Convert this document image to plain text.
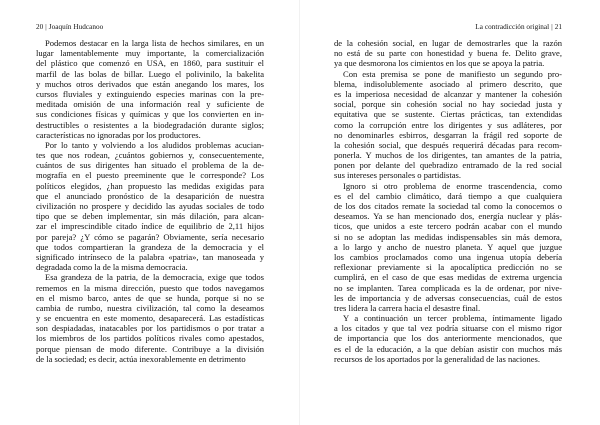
20 | Joaquín Hudcanoo
Podemos destacar en la larga lista de hechos similares, en un
lugar lamentablemente muy importante, la comercialización
del plástico que comenzó en USA, en 1860, para sustituir el
marfil de las bolas de billar. Luego el polivinilo, la bakelita
y muchos otros derivados que están anegando los mares, los
cursos fluviales y extinguiendo especies marinas con la pre-
meditada omisión de una información real y suficiente de
sus condiciones físicas y químicas y que los convierten en in-
destructibles o resistentes a la biodegradación durante siglos;
características no ignoradas por los productores.
Por lo tanto y volviendo a los aludidos problemas acucian-
tes que nos rodean, ¿cuántos gobiernos y, consecuentemente,
cuántos de sus dirigentes han situado el problema de la de-
mografía en el puesto preeminente que le corresponde? Los
políticos elegidos, ¿han propuesto las medidas exigidas para
que el anunciado pronóstico de la desaparición de nuestra
civilización no prospere y decidido las ayudas sociales de todo
tipo que se deben implementar, sin más dilación, para alcan-
zar el imprescindible citado índice de equilibrio de 2,11 hijos
por pareja? ¿Y cómo se pagarán? Obviamente, sería necesario
que todos compartieran la grandeza de la democracia y el
significado intrínseco de la palabra «patria», tan manoseada y
degradada como la de la misma democracia.
Esa grandeza de la patria, de la democracia, exige que todos
rememos en la misma dirección, puesto que todos navegamos
en el mismo barco, antes de que se hunda, porque si no se
cambia de rumbo, nuestra civilización, tal como la deseamos
y se encuentra en este momento, desaparecerá. Las estadísticas
son despiadadas, inatacables por los partidismos o por tratar a
los miembros de los partidos políticos rivales como apestados,
porque piensan de modo diferente. Contribuye a la división
de la sociedad; es decir, actúa inexorablemente en detrimento
La contradicción original | 21
de la cohesión social, en lugar de demostrarles que la razón
no está de su parte con honestidad y buena fe. Delito grave,
ya que desmorona los cimientos en los que se apoya la patria.
Con esta premisa se pone de manifiesto un segundo pro-
blema, indisolublemente asociado al primero descrito, que
es la imperiosa necesidad de alcanzar y mantener la cohesión
social, porque sin cohesión social no hay sociedad justa y
equitativa que se sustente. Ciertas prácticas, tan extendidas
como la corrupción entre los dirigentes y sus adláteres, por
no denominarles esbirros, desgarran la frágil red soporte de
la cohesión social, que después requerirá décadas para recom-
ponerla. Y muchos de los dirigentes, tan amantes de la patria,
ponen por delante del quebradizo entramado de la red social
sus intereses personales o partidistas.
Ignoro si otro problema de enorme trascendencia, como
es el del cambio climático, dará tiempo a que cualquiera
de los dos citados remate la sociedad tal como la conocemos o
deseamos. Ya se han mencionado dos, energía nuclear y plás-
ticos, que unidos a este tercero podrán acabar con el mundo
si no se adoptan las medidas indispensables sin más demora,
a lo largo y ancho de nuestro planeta. Y aquel que juzgue
los cambios proclamados como una ingenua utopía debería
reflexionar previamente si la apocalíptica predicción no se
cumplirá, en el caso de que esas medidas de extrema urgencia
no se implanten. Tarea complicada es la de ordenar, por nive-
les de importancia y de adversas consecuencias, cuál de estos
tres lidera la carrera hacia el desastre final.
Y a continuación un tercer problema, íntimamente ligado
a los citados y que tal vez podría situarse con el mismo rigor
de importancia que los dos anteriormente mencionados, que
es el de la educación, a la que debían asistir con muchos más
recursos de los aportados por la generalidad de las naciones.
